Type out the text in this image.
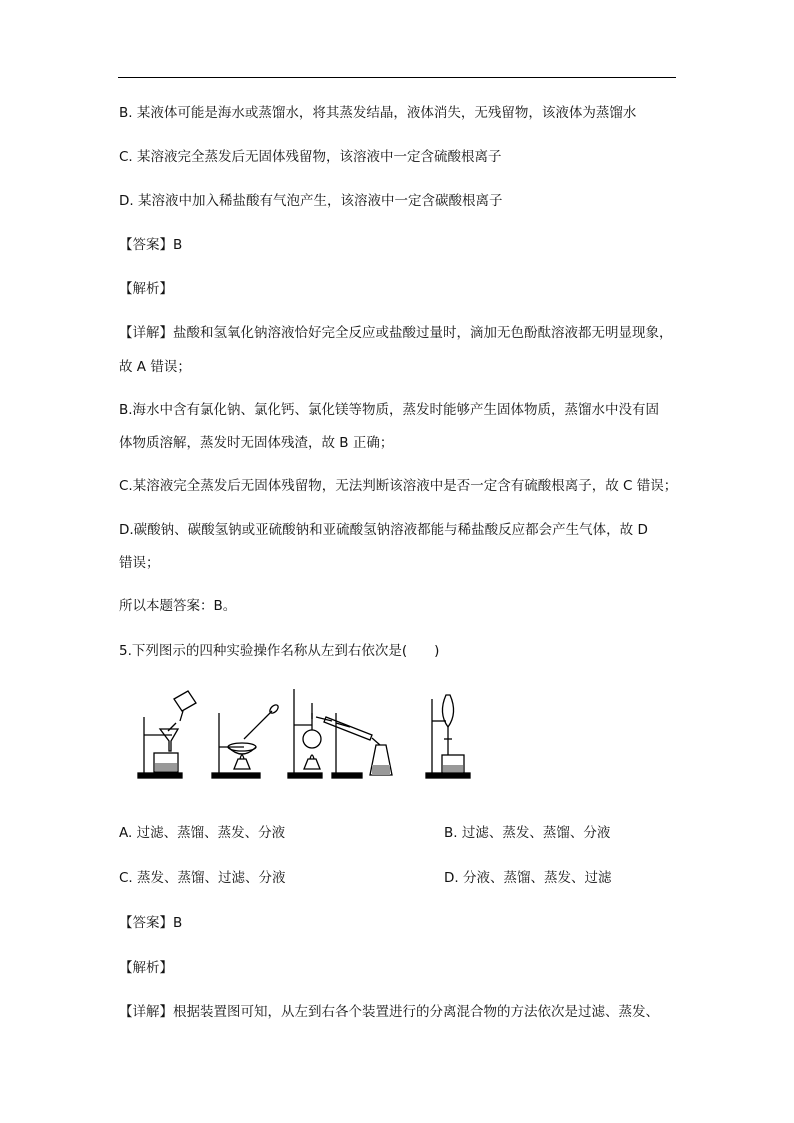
B. 某液体可能是海水或蒸馏水，将其蒸发结晶，液体消失，无残留物，该液体为蒸馏水
C. 某溶液完全蒸发后无固体残留物，该溶液中一定含硫酸根离子
D. 某溶液中加入稀盐酸有气泡产生，该溶液中一定含碳酸根离子
【答案】B
【解析】
【详解】盐酸和氢氧化钠溶液恰好完全反应或盐酸过量时，滴加无色酚酞溶液都无明显现象，
故 A 错误；
B.海水中含有氯化钠、氯化钙、氯化镁等物质，蒸发时能够产生固体物质，蒸馏水中没有固
体物质溶解，蒸发时无固体残渣，故 B 正确；
C.某溶液完全蒸发后无固体残留物，无法判断该溶液中是否一定含有硫酸根离子，故 C 错误；
D.碳酸钠、碳酸氢钠或亚硫酸钠和亚硫酸氢钠溶液都能与稀盐酸反应都会产生气体，故 D
错误；
所以本题答案：B。
5.下列图示的四种实验操作名称从左到右依次是(　　)
A. 过滤、蒸馏、蒸发、分液	B. 过滤、蒸发、蒸馏、分液
C. 蒸发、蒸馏、过滤、分液	D. 分液、蒸馏、蒸发、过滤
【答案】B
【解析】
【详解】根据装置图可知，从左到右各个装置进行的分离混合物的方法依次是过滤、蒸发、
